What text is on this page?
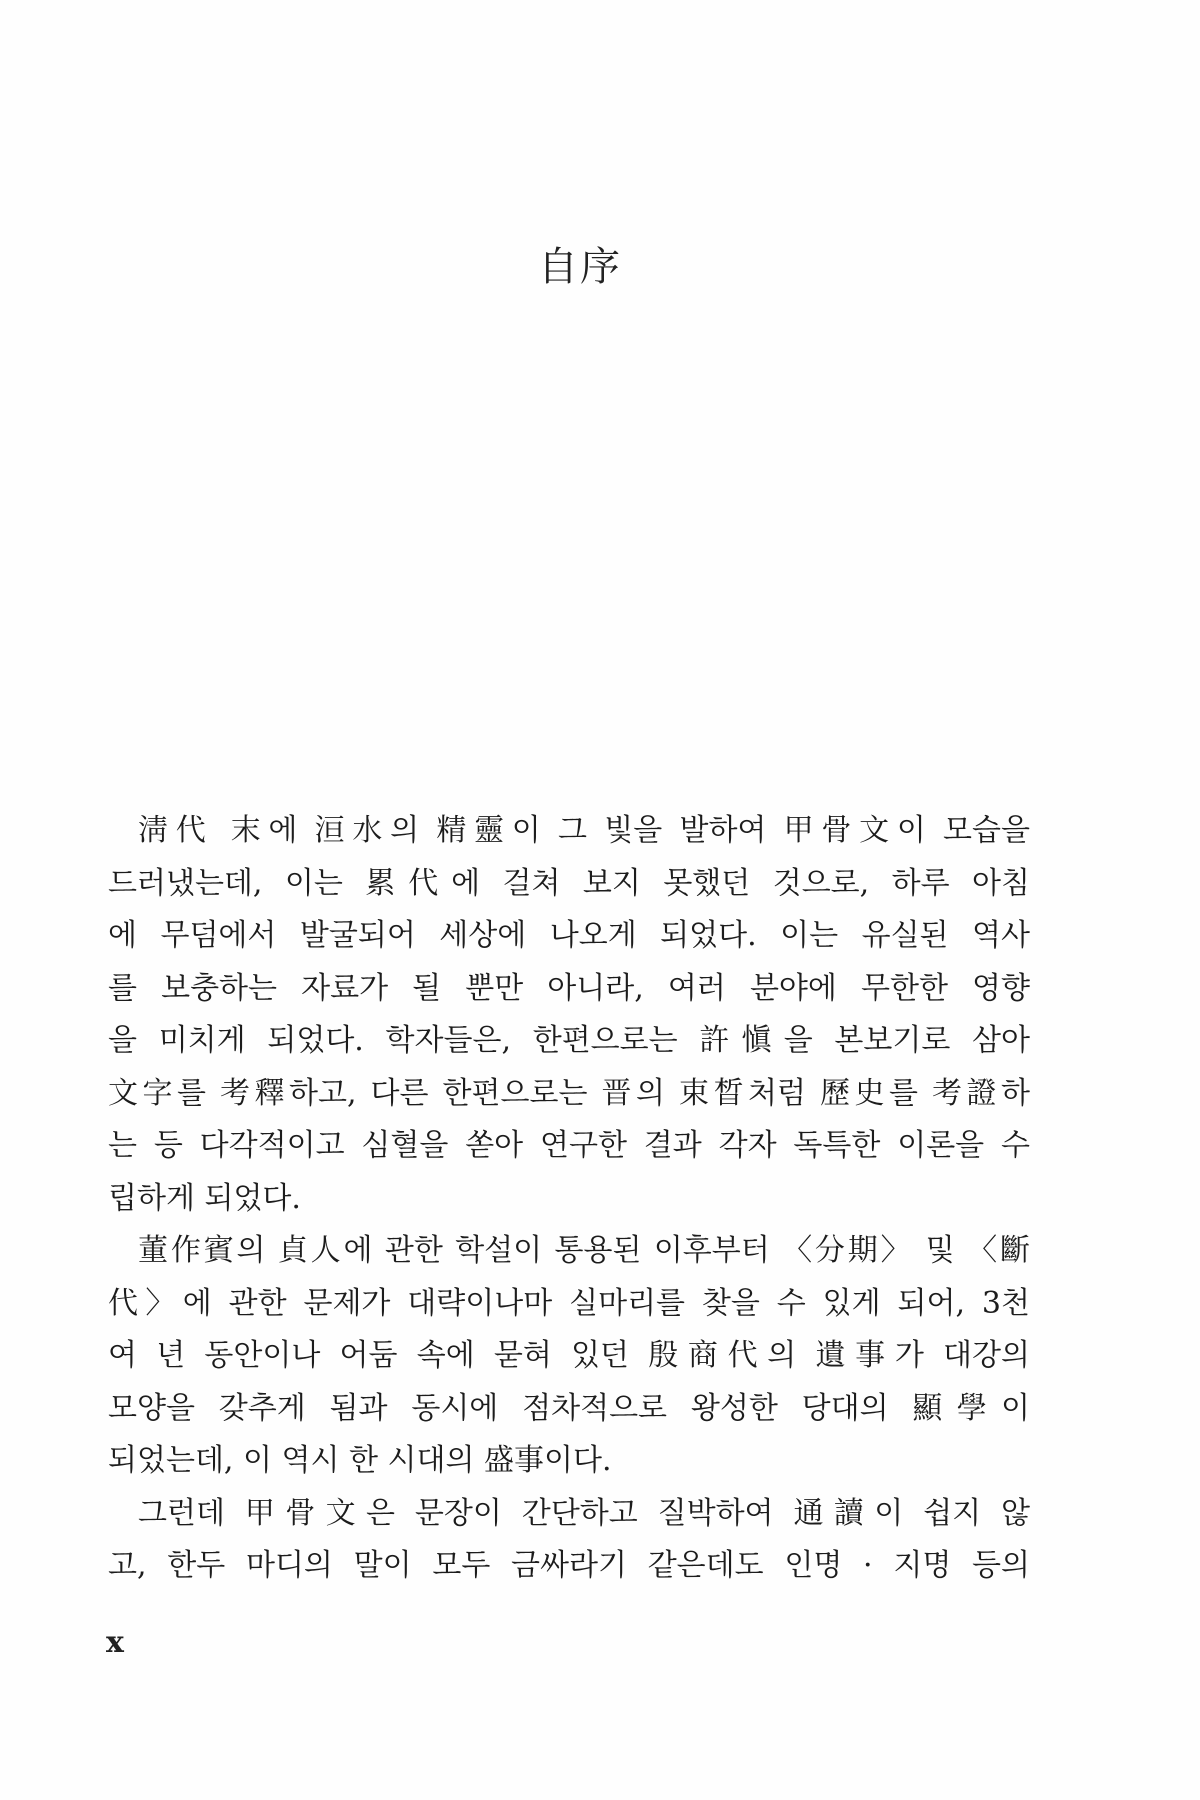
自序
淸代 末에 洹水의 精靈이 그 빛을 발하여 甲骨文이 모습을
드러냈는데, 이는 累代에 걸쳐 보지 못했던 것으로, 하루 아침
에 무덤에서 발굴되어 세상에 나오게 되었다. 이는 유실된 역사
를 보충하는 자료가 될 뿐만 아니라, 여러 분야에 무한한 영향
을 미치게 되었다. 학자들은, 한편으로는 許愼을 본보기로 삼아
文字를 考釋하고, 다른 한편으로는 晋의 束晳처럼 歷史를 考證하
는 등 다각적이고 심혈을 쏟아 연구한 결과 각자 독특한 이론을 수
립하게 되었다.
董作賓의 貞人에 관한 학설이 통용된 이후부터 〈分期〉 및 〈斷
代〉에 관한 문제가 대략이나마 실마리를 찾을 수 있게 되어, 3천
여 년 동안이나 어둠 속에 묻혀 있던 殷商代의 遺事가 대강의
모양을 갖추게 됨과 동시에 점차적으로 왕성한 당대의 顯學이
되었는데, 이 역시 한 시대의 盛事이다.
그런데 甲骨文은 문장이 간단하고 질박하여 通讀이 쉽지 않
고, 한두 마디의 말이 모두 금싸라기 같은데도 인명 · 지명 등의
x
